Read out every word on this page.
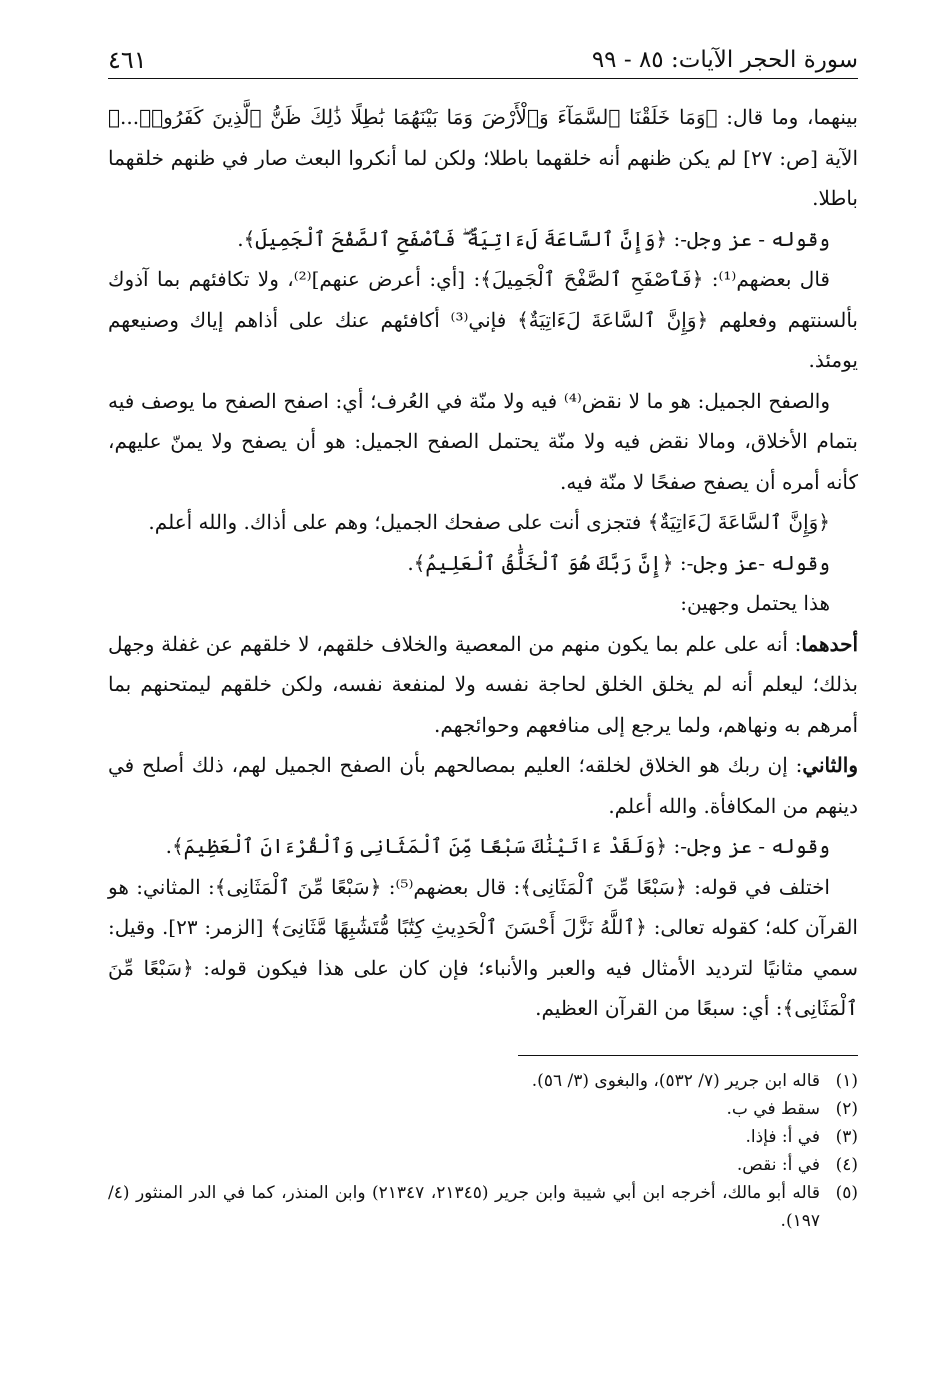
سورة الحجر الآيات: ٨٥ - ٩٩
٤٦١

بينهما، وما قال: ﴿وَمَا خَلَقْنَا ٱلسَّمَآءَ وَٱلْأَرْضَ وَمَا بَيْنَهُمَا بَٰطِلًا ذَٰلِكَ ظَنُّ ٱلَّذِينَ كَفَرُوا۟...﴾ الآية [ص: ٢٧] لم يكن ظنهم أنه خلقهما باطلا؛ ولكن لما أنكروا البعث صار في ظنهم خلقهما باطلا.

وقوله - عز وجل-: ﴿وَإِنَّ ٱلسَّاعَةَ لَءَاتِيَةٌ ۖ فَٱصْفَحِ ٱلصَّفْحَ ٱلْجَمِيلَ﴾.

قال بعضهم⁽¹⁾: ﴿فَٱصْفَحِ ٱلصَّفْحَ ٱلْجَمِيلَ﴾: [أي: أعرض عنهم]⁽²⁾، ولا تكافئهم بما آذوك بألسنتهم وفعلهم ﴿وَإِنَّ ٱلسَّاعَةَ لَءَاتِيَةٌ﴾ فإني⁽³⁾ أكافئهم عنك على أذاهم إياك وصنيعهم يومئذ.

والصفح الجميل: هو ما لا نقض⁽⁴⁾ فيه ولا منّة في العُرف؛ أي: اصفح الصفح ما يوصف فيه بتمام الأخلاق، ومالا نقض فيه ولا منّة يحتمل الصفح الجميل: هو أن يصفح ولا يمنّ عليهم، كأنه أمره أن يصفح صفحًا لا منّة فيه.

﴿وَإِنَّ ٱلسَّاعَةَ لَءَاتِيَةٌ﴾ فتجزى أنت على صفحك الجميل؛ وهم على أذاك. والله أعلم.

وقوله -عز وجل-: ﴿إِنَّ رَبَّكَ هُوَ ٱلْخَلَّٰقُ ٱلْعَلِيمُ﴾.

هذا يحتمل وجهين:

أحدهما: أنه على علم بما يكون منهم من المعصية والخلاف خلقهم، لا خلقهم عن غفلة وجهل بذلك؛ ليعلم أنه لم يخلق الخلق لحاجة نفسه ولا لمنفعة نفسه، ولكن خلقهم ليمتحنهم بما أمرهم به ونهاهم، ولما يرجع إلى منافعهم وحوائجهم.

والثاني: إن ربك هو الخلاق لخلقه؛ العليم بمصالحهم بأن الصفح الجميل لهم، ذلك أصلح في دينهم من المكافأة. والله أعلم.

وقوله - عز وجل-: ﴿وَلَقَدْ ءَاتَيْنَٰكَ سَبْعًا مِّنَ ٱلْمَثَانِى وَٱلْقُرْءَانَ ٱلْعَظِيمَ﴾.

اختلف في قوله: ﴿سَبْعًا مِّنَ ٱلْمَثَانِى﴾: قال بعضهم⁽⁵⁾: ﴿سَبْعًا مِّنَ ٱلْمَثَانِى﴾: المثاني: هو القرآن كله؛ كقوله تعالى: ﴿ٱللَّهُ نَزَّلَ أَحْسَنَ ٱلْحَدِيثِ كِتَٰبًا مُّتَشَٰبِهًا مَّثَانِىَ﴾ [الزمر: ٢٣]. وقيل: سمي مثانيًا لترديد الأمثال فيه والعبر والأنباء؛ فإن كان على هذا فيكون قوله: ﴿سَبْعًا مِّنَ ٱلْمَثَانِى﴾: أي: سبعًا من القرآن العظيم.

(١)
قاله ابن جرير (٧/ ٥٣٢)، والبغوى (٣/ ٥٦).
(٢)
سقط في ب.
(٣)
في أ: فإذا.
(٤)
في أ: نقص.
(٥)
قاله أبو مالك، أخرجه ابن أبي شيبة وابن جرير (٢١٣٤٥، ٢١٣٤٧) وابن المنذر، كما في الدر المنثور (٤/ ١٩٧).
